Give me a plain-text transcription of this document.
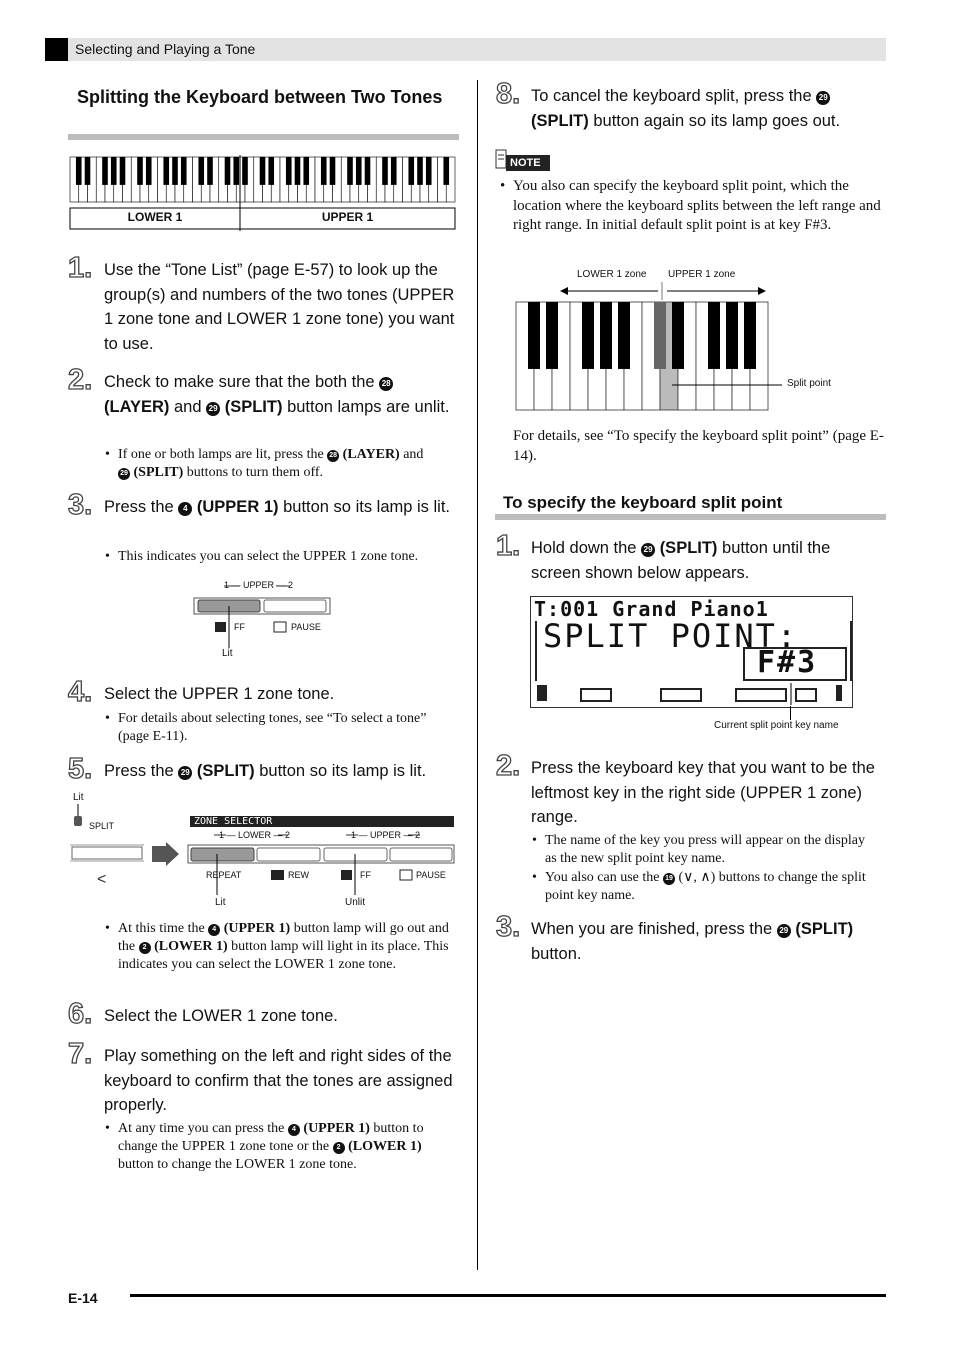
Selecting and Playing a Tone
Splitting the Keyboard between Two Tones
LOWER 1	UPPER 1
1. Use the “Tone List” (page E-57) to look up the group(s) and numbers of the two tones (UPPER 1 zone tone and LOWER 1 zone tone) you want to use.
2. Check to make sure that the both the 28
(LAYER) and 29 (SPLIT) button lamps are unlit.
• If one or both lamps are lit, press the 28 (LAYER) and
29 (SPLIT) buttons to turn them off.
3. Press the 4 (UPPER 1) button so its lamp is lit.
• This indicates you can select the UPPER 1 zone tone.
1 — UPPER — 2
FF	PAUSE
Lit
4. Select the UPPER 1 zone tone.
• For details about selecting tones, see “To select a tone” (page E-11).
5. Press the 29 (SPLIT) button so its lamp is lit.
Lit
SPLIT	ZONE SELECTOR
1 — LOWER — 2	1 — UPPER — 2
<	REPEAT	REW	FF	PAUSE
Lit	Unlit
• At this time the 4 (UPPER 1) button lamp will go out and the 2 (LOWER 1) button lamp will light in its place. This indicates you can select the LOWER 1 zone tone.
6. Select the LOWER 1 zone tone.
7. Play something on the left and right sides of the keyboard to confirm that the tones are assigned properly.
• At any time you can press the 4 (UPPER 1) button to change the UPPER 1 zone tone or the 2 (LOWER 1) button to change the LOWER 1 zone tone.
8. To cancel the keyboard split, press the 29
(SPLIT) button again so its lamp goes out.
NOTE
• You also can specify the keyboard split point, which the location where the keyboard splits between the left range and right range. In initial default split point is at key F#3.
LOWER 1 zone UPPER 1 zone
Split point
For details, see “To specify the keyboard split point” (page E-14).
To specify the keyboard split point
1. Hold down the 29 (SPLIT) button until the screen shown below appears.
T:001 Grand Piano1
SPLIT POINT:
F#3
Current split point key name
2. Press the keyboard key that you want to be the leftmost key in the right side (UPPER 1 zone) range.
• The name of the key you press will appear on the display as the new split point key name.
• You also can use the 19 (∨, ∧) buttons to change the split point key name.
3. When you are finished, press the 29 (SPLIT) button.
E-14
